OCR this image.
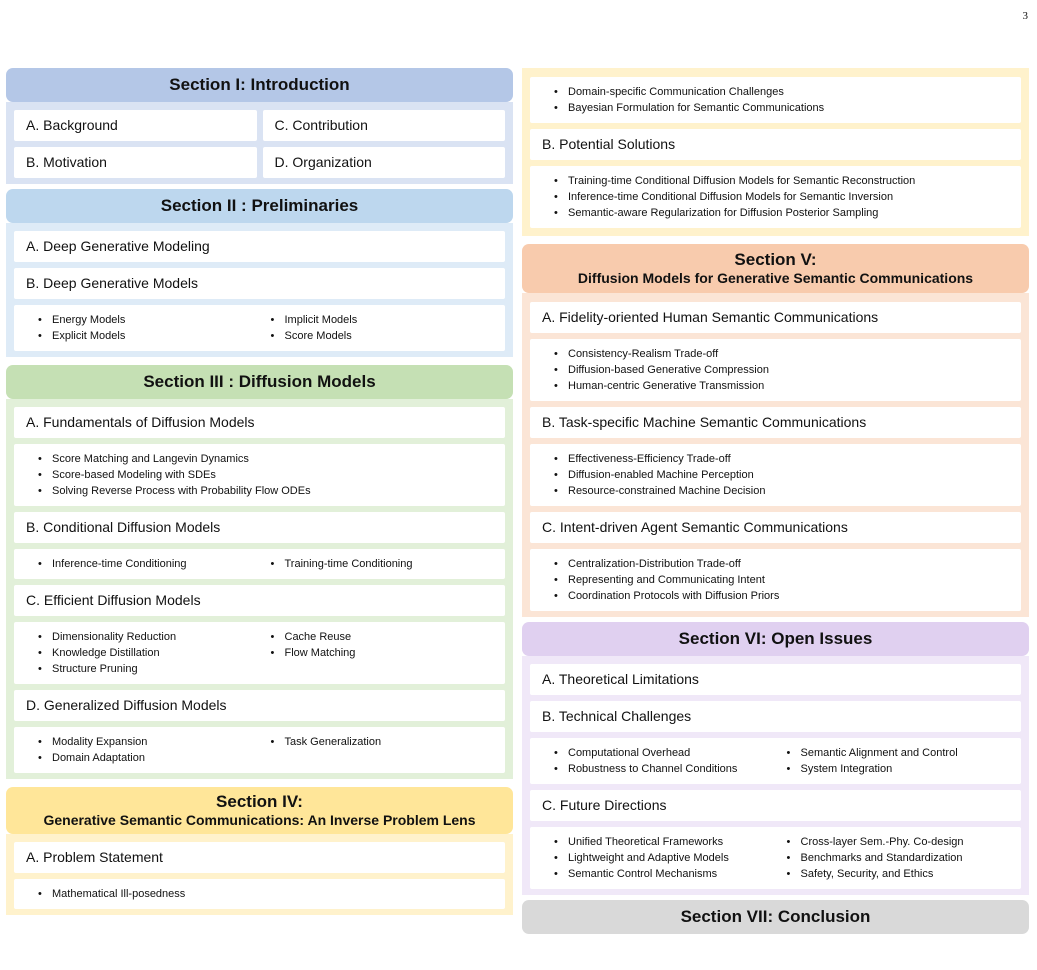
3
Section I: Introduction
A. Background	C. Contribution
B. Motivation	D. Organization
Section II : Preliminaries
A. Deep Generative Modeling
B. Deep Generative Models
• Energy Models
• Explicit Models
• Implicit Models
• Score Models
Section III : Diffusion Models
A. Fundamentals of Diffusion Models
• Score Matching and Langevin Dynamics
• Score-based Modeling with SDEs
• Solving Reverse Process with Probability Flow ODEs
B. Conditional Diffusion Models
• Inference-time Conditioning
•	Training-time Conditioning
C. Efficient Diffusion Models
• Dimensionality Reduction
• Knowledge Distillation
• Structure Pruning
• Cache Reuse
• Flow Matching
D. Generalized Diffusion Models
• Modality Expansion
• Domain Adaptation
• Task Generalization
Section IV:
Generative Semantic Communications: An Inverse Problem Lens
A. Problem Statement
• Mathematical Ill-posedness
• Domain-specific Communication Challenges
• Bayesian Formulation for Semantic Communications
B. Potential Solutions
• Training-time Conditional Diffusion Models for Semantic Reconstruction
• Inference-time Conditional Diffusion Models for Semantic Inversion
• Semantic-aware Regularization for Diffusion Posterior Sampling
Section V:
Diffusion Models for Generative Semantic Communications
A. Fidelity-oriented Human Semantic Communications
• Consistency-Realism Trade-off
• Diffusion-based Generative Compression
• Human-centric Generative Transmission
B. Task-specific Machine Semantic Communications
• Effectiveness-Efficiency Trade-off
• Diffusion-enabled Machine Perception
• Resource-constrained Machine Decision
C. Intent-driven Agent Semantic Communications
• Centralization-Distribution Trade-off
• Representing and Communicating Intent
• Coordination Protocols with Diffusion Priors
Section VI: Open Issues
A. Theoretical Limitations
B. Technical Challenges
• Computational Overhead
• Robustness to Channel Conditions
• Semantic Alignment and Control
• System Integration
C. Future Directions
• Unified Theoretical Frameworks
• Lightweight and Adaptive Models
• Semantic Control Mechanisms
• Cross-layer Sem.-Phy. Co-design
• Benchmarks and Standardization
• Safety, Security, and Ethics
Section VII: Conclusion
